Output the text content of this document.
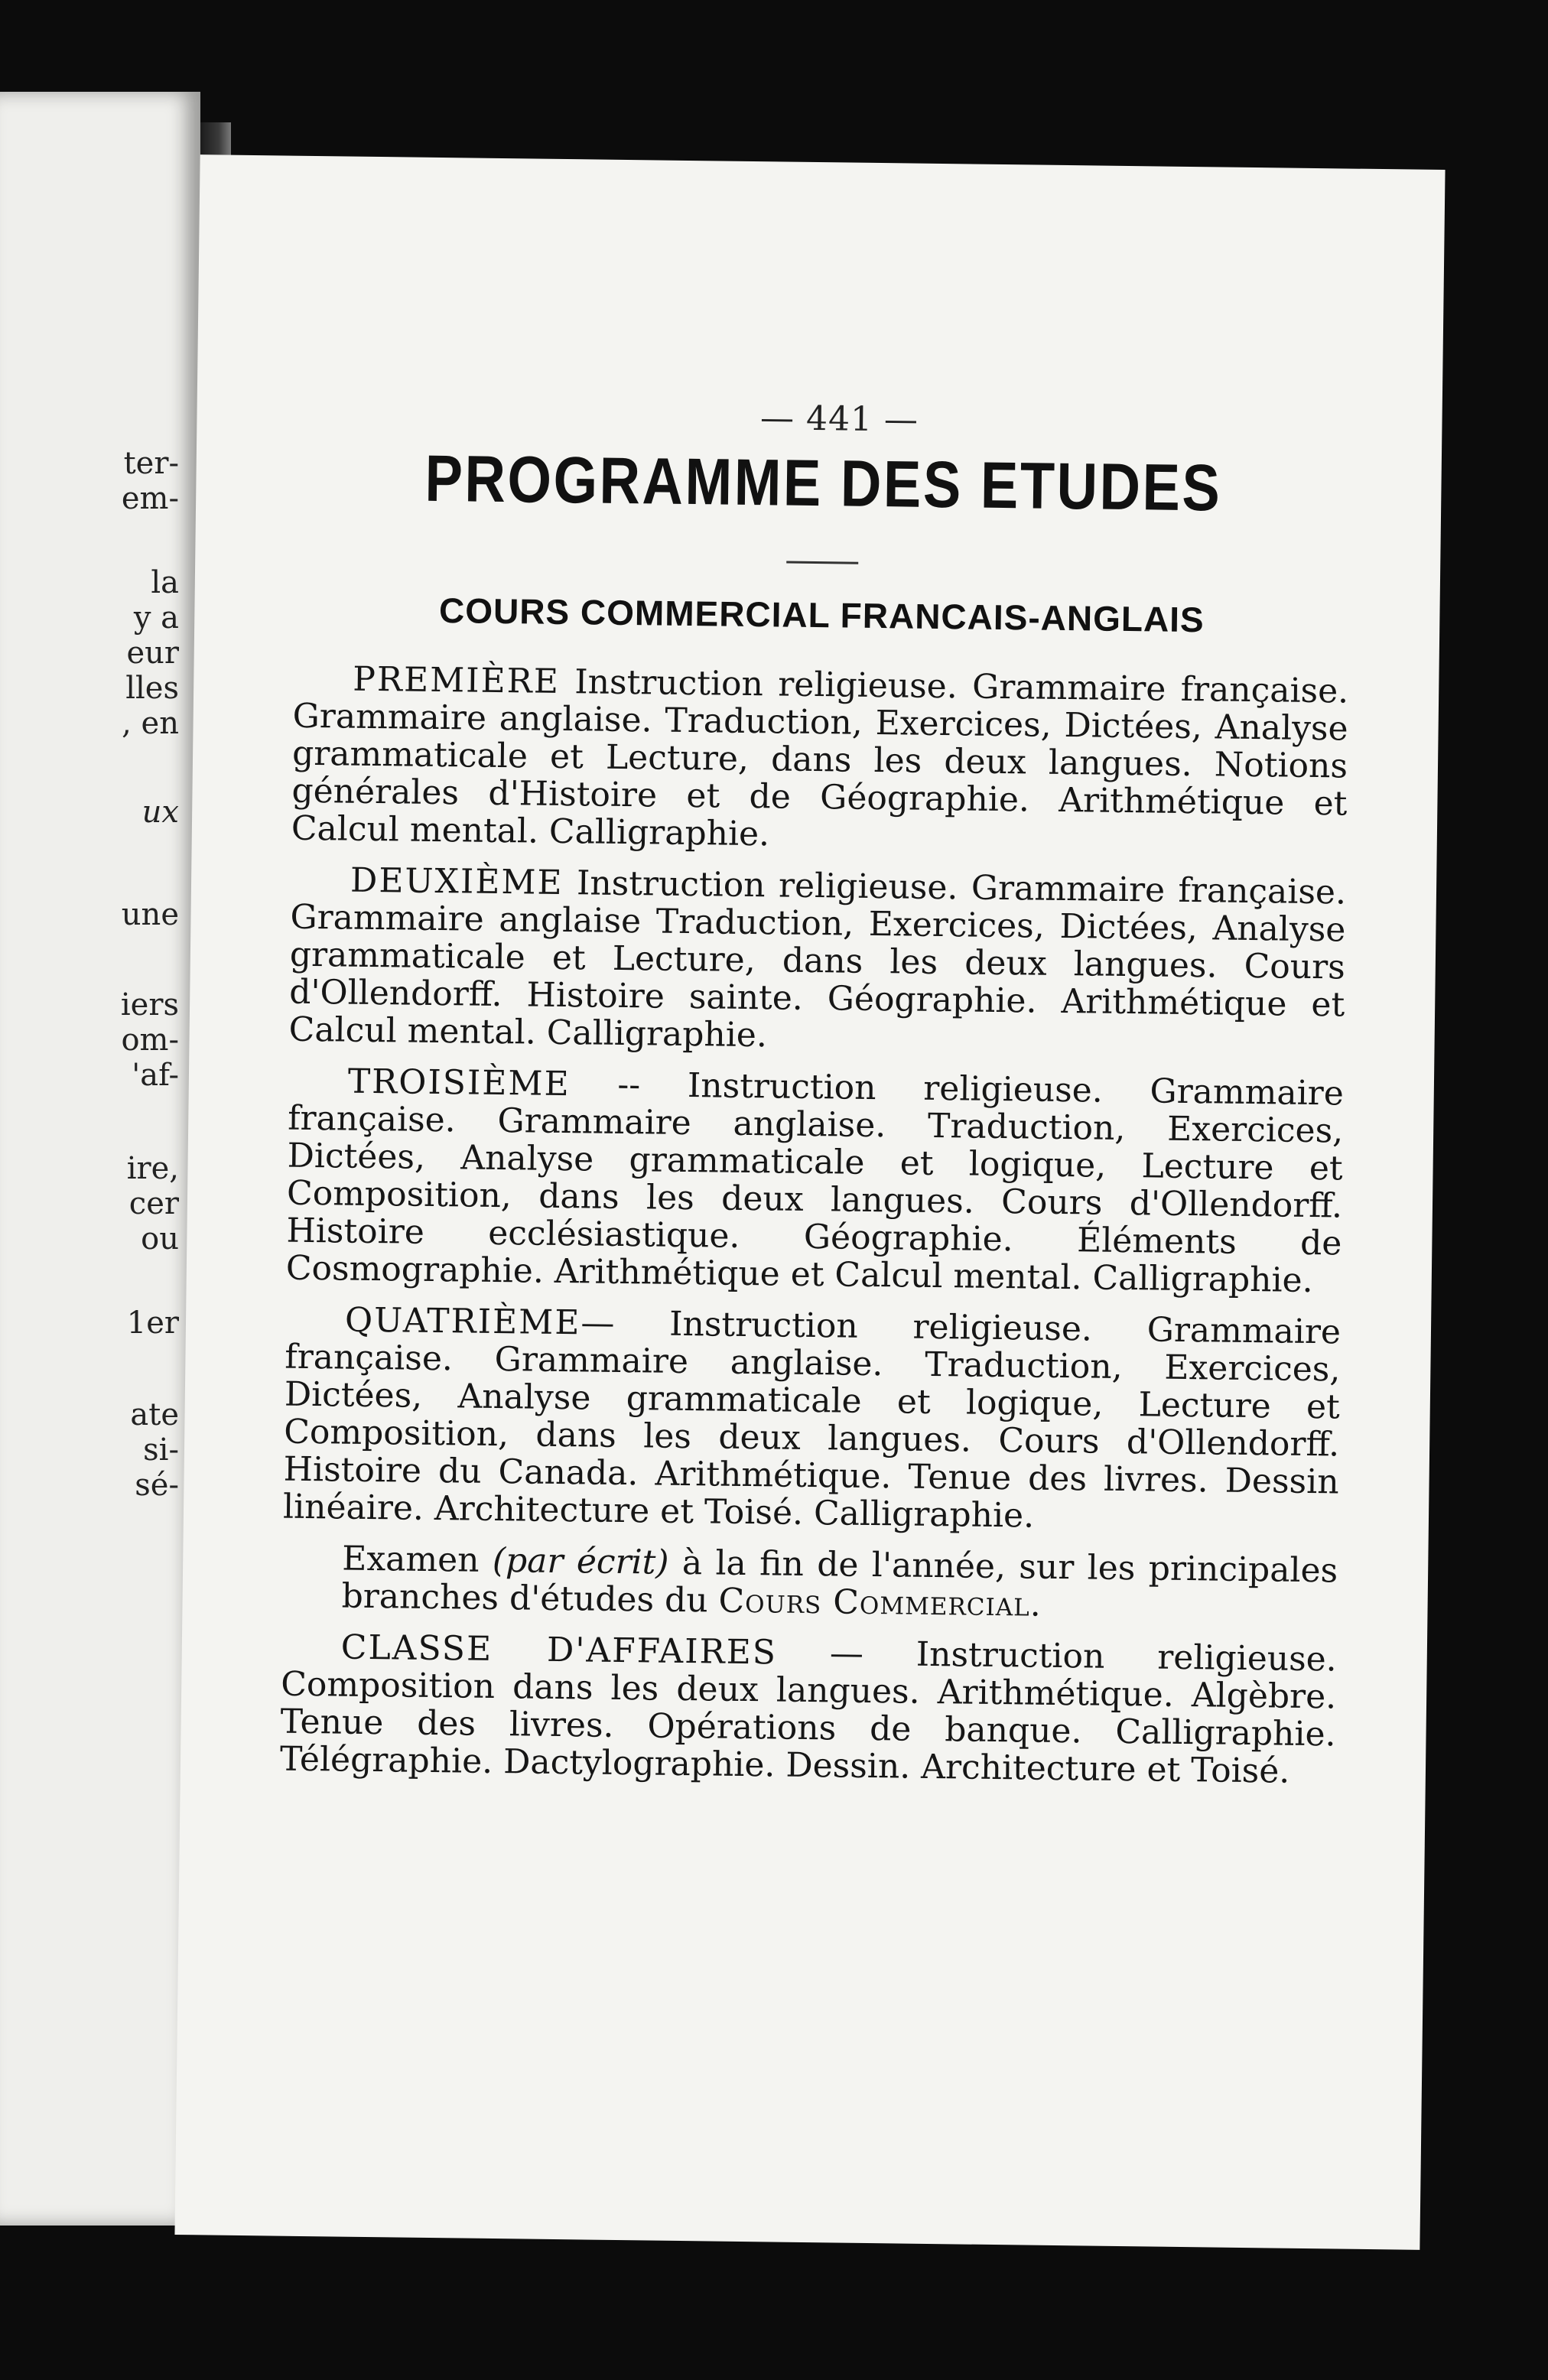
ter-
em-
la
y a
eur
lles
, en
ux
une
iers
om-
'af-
ire,
cer
ou
1er
ate
si-
sé-
— 441 —
PROGRAMME DES ETUDES
COURS COMMERCIAL FRANCAIS-ANGLAIS

PREMIÈRE Instruction religieuse. Grammaire française. Grammaire anglaise. Traduction, Exercices, Dictées, Analyse grammaticale et Lecture, dans les deux langues. Notions générales d'Histoire et de Géographie. Arithmétique et Calcul mental. Calligraphie.

DEUXIÈME Instruction religieuse. Grammaire française. Grammaire anglaise Traduction, Exercices, Dictées, Analyse grammaticale et Lecture, dans les deux langues. Cours d'Ollendorff. Histoire sainte. Géographie. Arithmétique et Calcul mental. Calligraphie.

TROISIÈME -- Instruction religieuse. Grammaire française. Grammaire anglaise. Traduction, Exercices, Dictées, Analyse grammaticale et logique, Lecture et Composition, dans les deux langues. Cours d'Ollendorff. Histoire ecclésiastique. Géographie. Éléments de Cosmographie. Arithmétique et Calcul mental. Calligraphie.

QUATRIÈME— Instruction religieuse. Grammaire française. Grammaire anglaise. Traduction, Exercices, Dictées, Analyse grammaticale et logique, Lecture et Composition, dans les deux langues. Cours d'Ollendorff. Histoire du Canada. Arithmétique. Tenue des livres. Dessin linéaire. Architecture et Toisé. Calligraphie.

Examen (par écrit) à la fin de l'année, sur les principales branches d'études du Cours Commercial.

CLASSE D'AFFAIRES — Instruction religieuse. Composition dans les deux langues. Arithmétique. Algèbre. Tenue des livres. Opérations de banque. Calligraphie. Télégraphie. Dactylographie. Dessin. Architecture et Toisé.
